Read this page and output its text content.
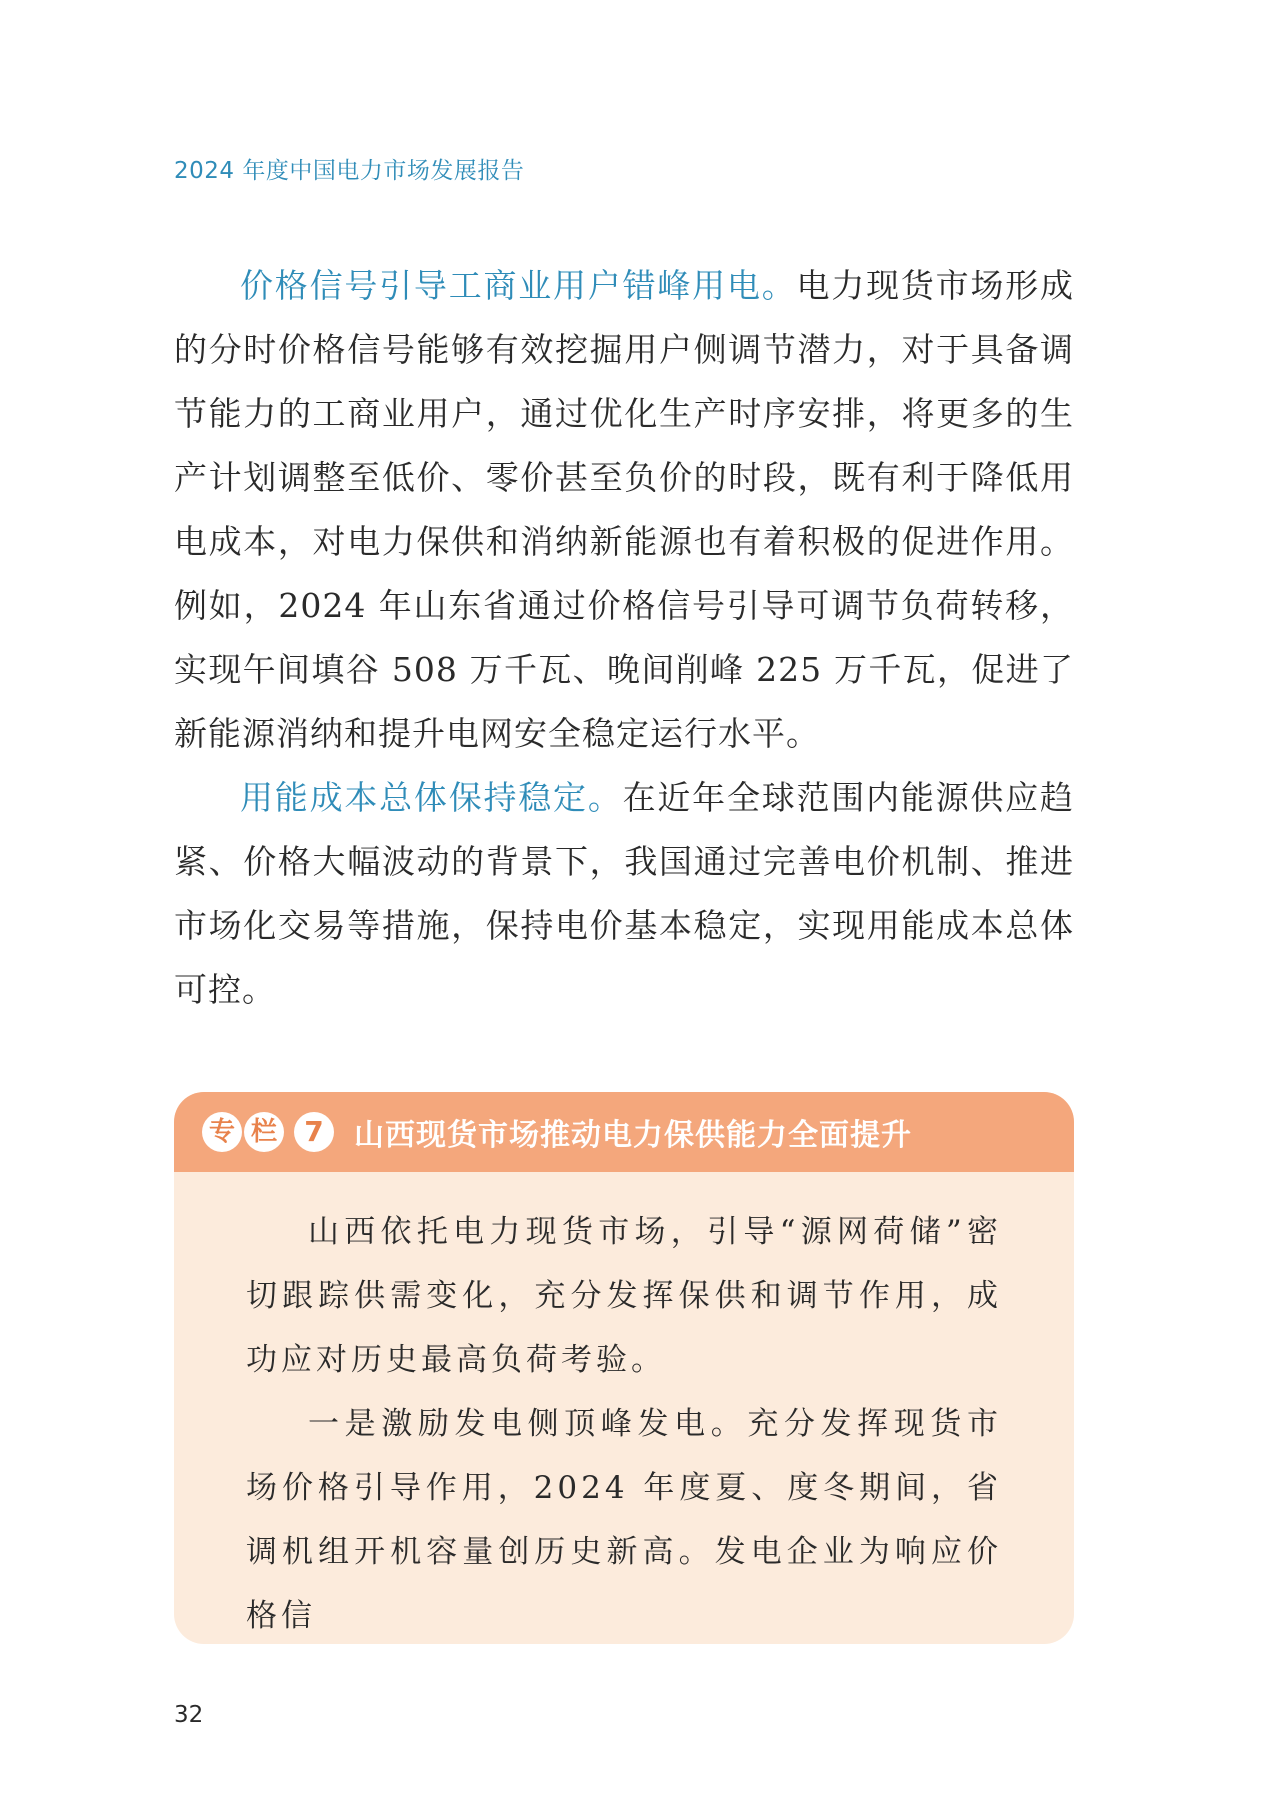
2024 年度中国电力市场发展报告

价格信号引导工商业用户错峰用电。电力现货市场形成的分时价格信号能够有效挖掘用户侧调节潜力，对于具备调节能力的工商业用户，通过优化生产时序安排，将更多的生产计划调整至低价、零价甚至负价的时段，既有利于降低用电成本，对电力保供和消纳新能源也有着积极的促进作用。例如，2024 年山东省通过价格信号引导可调节负荷转移，实现午间填谷 508 万千瓦、晚间削峰 225 万千瓦，促进了新能源消纳和提升电网安全稳定运行水平。

用能成本总体保持稳定。在近年全球范围内能源供应趋紧、价格大幅波动的背景下，我国通过完善电价机制、推进市场化交易等措施，保持电价基本稳定，实现用能成本总体可控。

专 栏 7	山西现货市场推动电力保供能力全面提升

山西依托电力现货市场，引导“源网荷储”密切跟踪供需变化，充分发挥保供和调节作用，成功应对历史最高负荷考验。

一是激励发电侧顶峰发电。充分发挥现货市场价格引导作用，2024 年度夏、度冬期间，省调机组开机容量创历史新高。发电企业为响应价格信

32
